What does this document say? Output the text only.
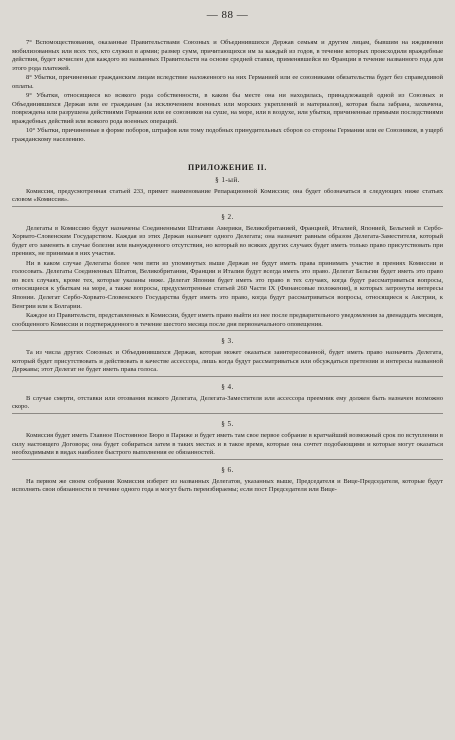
— 88 —

7° Вспомоществования, оказанные Правительствами Союзных и Объединившихся Держав семьям и другим лицам, бывшим на иждивении мобилизованных или всех тех, кто служил в армии; размер сумм, причитающихся им за каждый из годов, в течение которых происходили враждебные действия, будет исчислен для каждого из названных Правительств на основе средней ставки, применявшейся во Франции в течение названного года для этого рода платежей.

8° Убытки, причиненные гражданским лицам вследствие наложенного на них Германией или ее союзниками обязательства будет без справедливой оплаты.

9° Убытки, относящиеся ко всякого рода собственности, в каком бы месте она ни находилась, принадлежащей одной из Союзных и Объединившихся Держав или ее гражданам (за исключением военных или морских укреплений и материалов), которая была забрана, захвачена, повреждена или разрушена действиями Германии или ее союзников на суше, на море, или в воздухе, или убытки, причиненные прямыми последствиями враждебных действий или всякого рода военных операций.

10° Убытки, причиненные в форме поборов, штрафов или тому подобных принудительных сборов со стороны Германии или ее Союзников, в ущерб гражданскому населению.

ПРИЛОЖЕНИЕ II.
§ 1-ый.

Комиссия, предусмотренная статьей 233, примет наименование Репарационной Комиссии; она будет обозначаться в следующих ниже статьях словом «Комиссия».

§ 2.

Делегаты в Комиссию будут назначены Соединенными Штатами Америки, Великобританией, Францией, Италией, Японией, Бельгией и Сербо-Хорвато-Словенским Государством. Каждая из этих Держав назначит одного Делегата; она назначит равным образом Делегата-Заместителя, который будет его заменять в случае болезни или вынужденного отсутствия, но который во всяких других случаях будет иметь только право присутствовать при прениях, не принимая в них участия.

Ни в каком случае Делегаты более чем пяти из упомянутых выше Держав не будут иметь права принимать участие в прениях Комиссии и голосовать. Делегаты Соединенных Штатов, Великобритании, Франции и Италии будут всегда иметь это право. Делегат Бельгии будет иметь это право во всех случаях, кроме тех, которые указаны ниже. Делегат Японии будет иметь это право в тех случаях, когда будут рассматриваться вопросы, относящиеся к убыткам на море, а также вопросы, предусмотренные статьей 260 Части IX (Финансовые положения), в которых затронуты интересы Японии. Делегат Сербо-Хорвато-Словенского Государства будет иметь это право, когда будут рассматриваться вопросы, относящиеся к Австрии, к Венгрии или к Болгарии.

Каждое из Правительств, представленных в Комиссии, будет иметь право выйти из нее после предварительного уведомления за двенадцать месяцев, сообщенного Комиссии и подтвержденного в течение шестого месяца после дня первоначального оповещения.

§ 3.

Та из числа других Союзных и Объединившихся Держав, которая может оказаться заинтересованной, будет иметь право назначить Делегата, который будет присутствовать и действовать в качестве ассессора, лишь когда будут рассматриваться или обсуждаться претензии и интересы названной Державы; этот Делегат не будет иметь права голоса.

§ 4.

В случае смерти, отставки или отозвания всякого Делегата, Делегата-Заместителя или ассессора преемник ему должен быть назначен возможно скоро.

§ 5.

Комиссия будет иметь Главное Постоянное Бюро в Париже и будет иметь там свое первое собрание в кратчайший возможный срок по вступлении в силу настоящего Договора; она будет собираться затем в таких местах и в такое время, которые она сочтет подобающими и которые могут оказаться необходимыми в видах наиболее быстрого выполнения ее обязанностей.

§ 6.

На первом же своем собрании Комиссия изберет из названных Делегатов, указанных выше, Председателя и Вице-Председателя, которые будут исполнять свои обязанности в течение одного года и могут быть переизбираемы; если пост Председателя или Вице-
